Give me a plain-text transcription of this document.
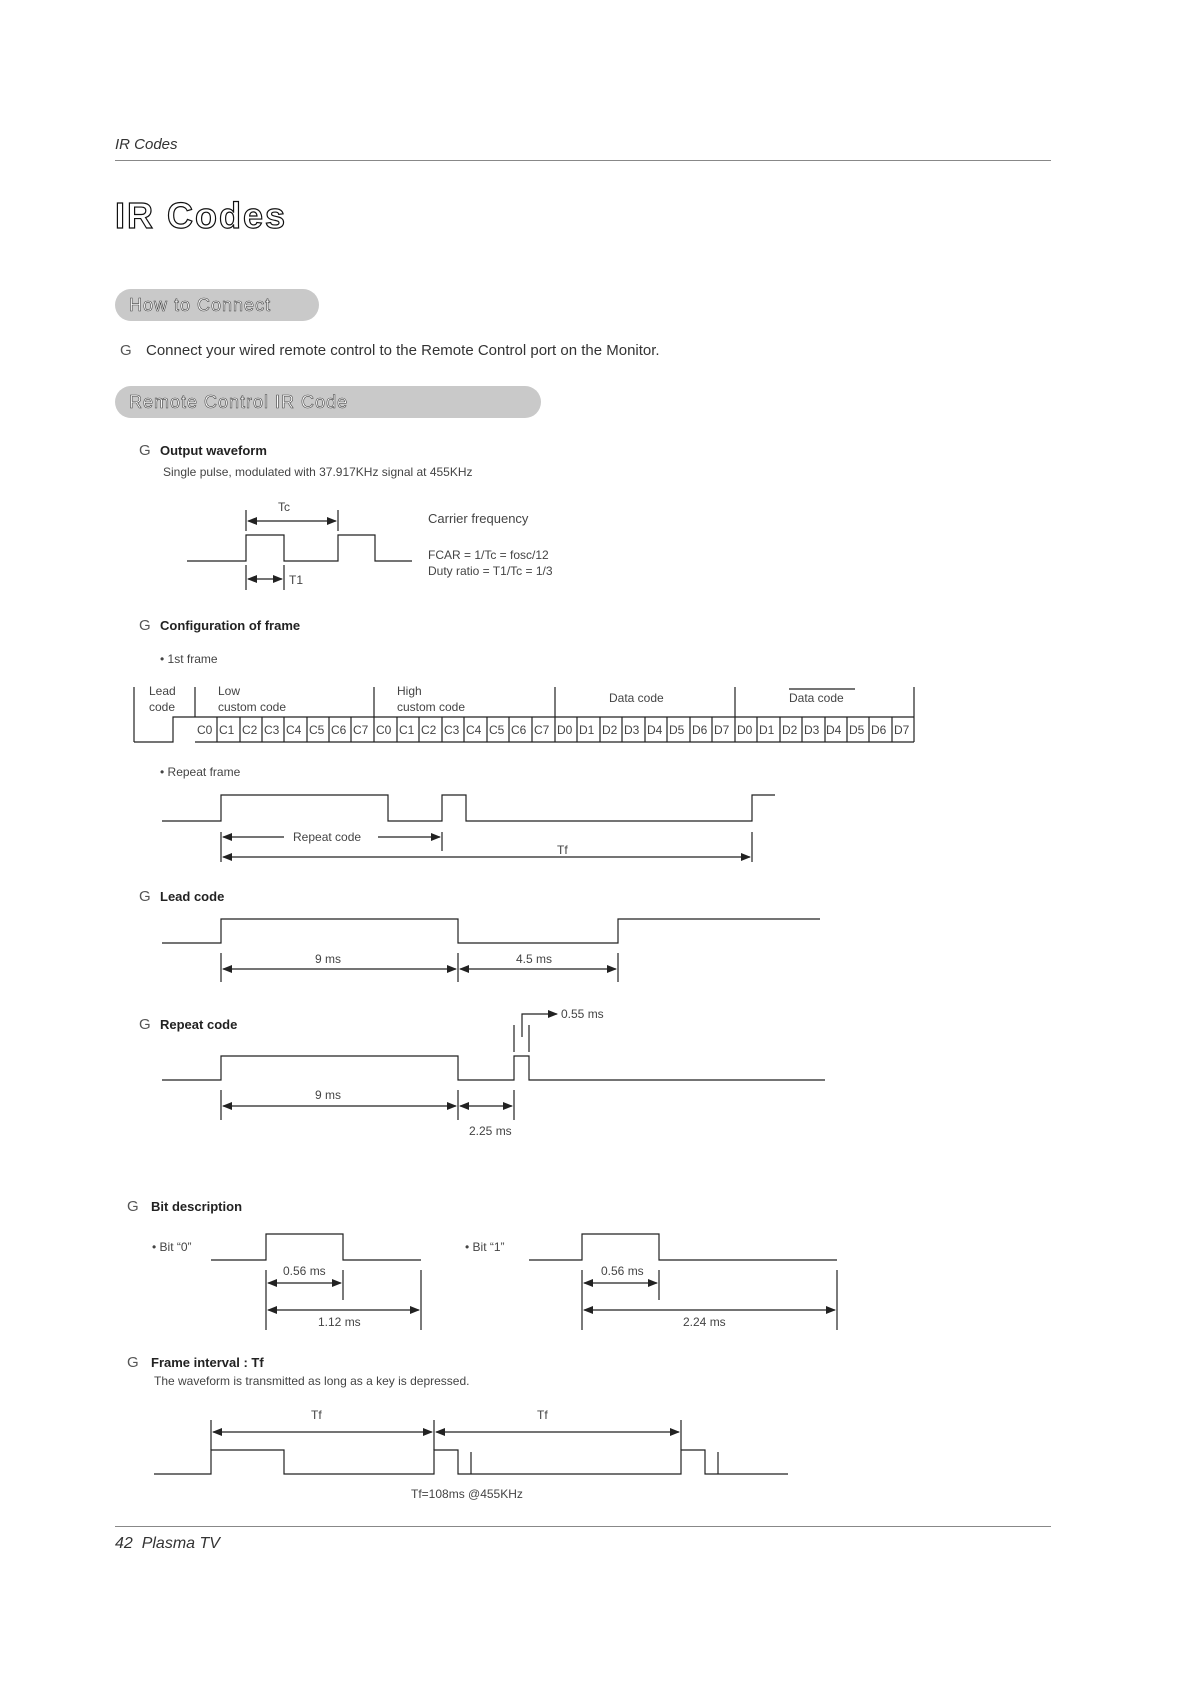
IR Codes
IR Codes
How to Connect
G Connect your wired remote control to the Remote Control port on the Monitor.
Remote Control IR Code
G Output waveform
Single pulse, modulated with 37.917KHz signal at 455KHz
Tc
T1
Carrier frequency
FCAR = 1/Tc = fosc/12
Duty ratio = T1/Tc = 1/3
G Configuration of frame
• 1st frame
Lead
code
Low
custom code
High
custom code
Data code	Data code
C0 C1 C2 C3 C4 C5 C6 C7 C0 C1 C2 C3 C4 C5 C6 C7 D0 D1 D2 D3 D4 D5 D6 D7 D0 D1 D2 D3 D4 D5 D6 D7
• Repeat frame
Repeat code
Tf
G Lead code
9 ms	4.5 ms
G Repeat code
0.55 ms
9 ms
2.25 ms
G Bit description
• Bit “0”
0.56 ms
1.12 ms
• Bit “1”
0.56 ms
2.24 ms
G Frame interval : Tf
The waveform is transmitted as long as a key is depressed.
Tf	Tf
Tf=108ms @455KHz
42 Plasma TV
